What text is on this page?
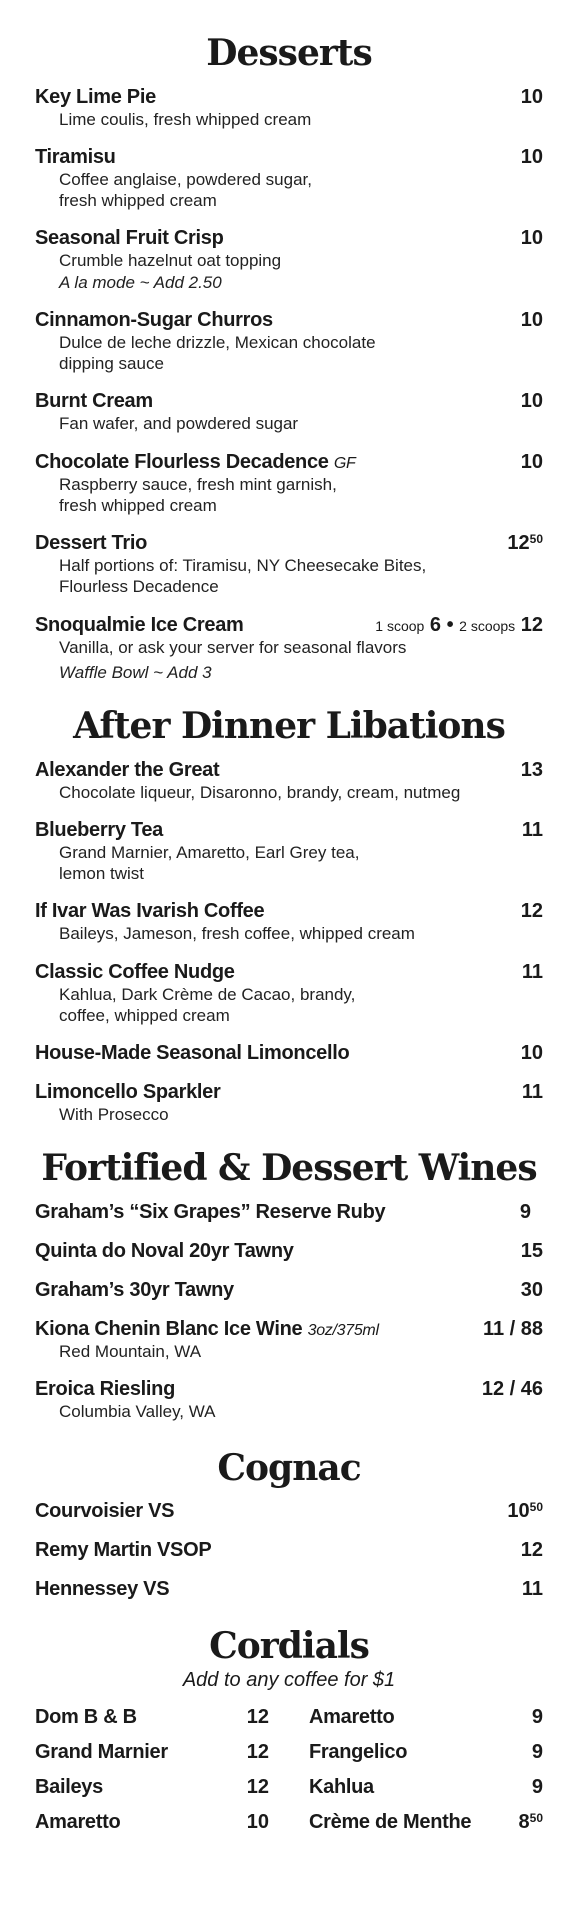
Desserts
Key Lime Pie	10
Lime coulis, fresh whipped cream
Tiramisu	10
Coffee anglaise, powdered sugar,
fresh whipped cream
Seasonal Fruit Crisp	10
Crumble hazelnut oat topping
A la mode ~ Add 2.50
Cinnamon-Sugar Churros	10
Dulce de leche drizzle, Mexican chocolate
dipping sauce
Burnt Cream	10
Fan wafer, and powdered sugar
Chocolate Flourless Decadence GF	10
Raspberry sauce, fresh mint garnish,
fresh whipped cream
Dessert Trio	$12^{50}$
Half portions of: Tiramisu, NY Cheesecake Bites,
Flourless Decadence
Snoqualmie Ice Cream	1 scoop 6 • 2 scoops 12
Vanilla, or ask your server for seasonal flavors
Waffle Bowl ~ Add 3
After Dinner Libations
Alexander the Great	13
Chocolate liqueur, Disaronno, brandy, cream, nutmeg
Blueberry Tea	11
Grand Marnier, Amaretto, Earl Grey tea,
lemon twist
If Ivar Was Ivarish Coffee	12
Baileys, Jameson, fresh coffee, whipped cream
Classic Coffee Nudge	11
Kahlua, Dark Crème de Cacao, brandy,
coffee, whipped cream
House-Made Seasonal Limoncello	10
Limoncello Sparkler	11
With Prosecco
Fortified & Dessert Wines
Graham’s “Six Grapes” Reserve Ruby	9
Quinta do Noval 20yr Tawny	15
Graham’s 30yr Tawny	30
Kiona Chenin Blanc Ice Wine 3oz/375ml	11 / 88
Red Mountain, WA
Eroica Riesling	12 / 46
Columbia Valley, WA
Cognac
Courvoisier VS	$10^{50}$
Remy Martin VSOP	12
Hennessey VS	11
Cordials
Add to any coffee for $1
Dom B & B	12 Amaretto	9
Grand Marnier	12 Frangelico	9
Baileys	12 Kahlua	9
Amaretto	10 Crème de Menthe $8^{50}$
